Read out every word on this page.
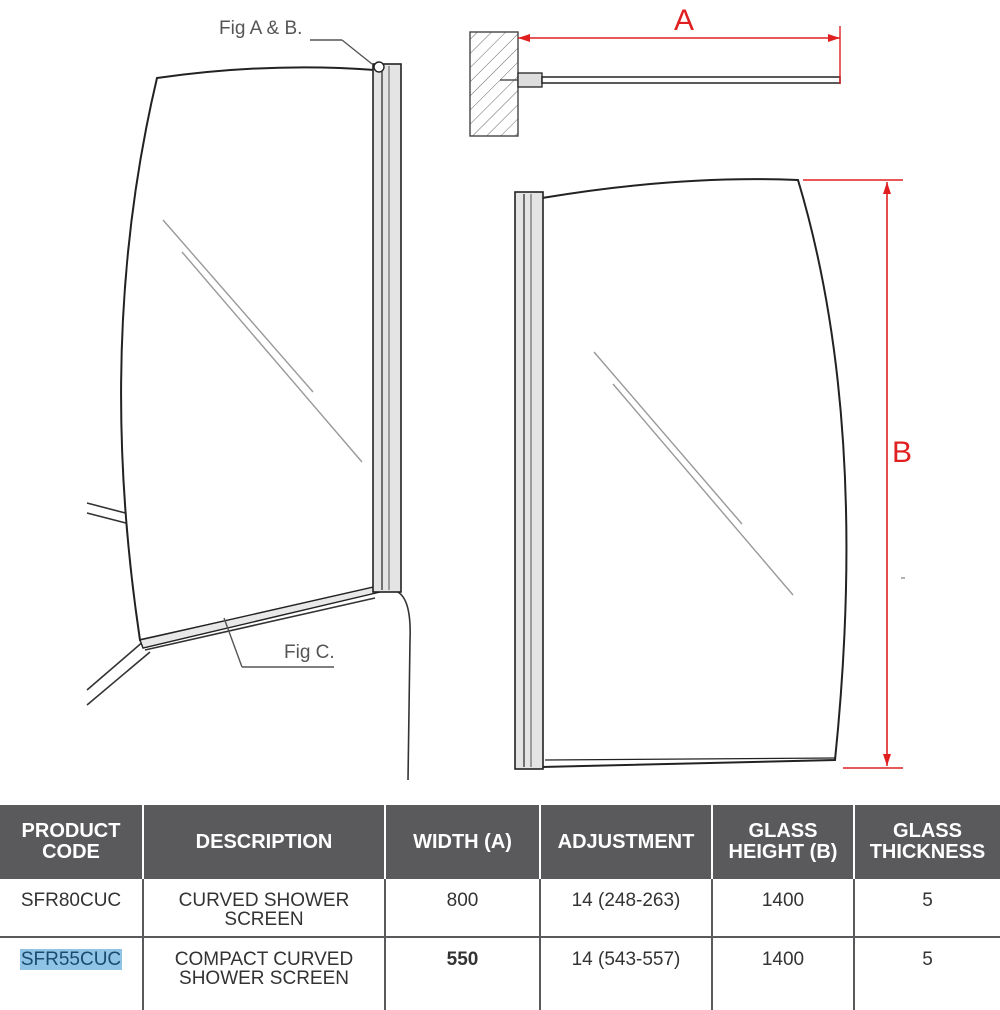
Fig A & B.
Fig C.
A
B
PRODUCT CODE	DESCRIPTION	WIDTH (A)	ADJUSTMENT	GLASS HEIGHT (B)	GLASS THICKNESS
SFR80CUC	CURVED SHOWER SCREEN	800	14 (248-263)	1400	5
SFR55CUC	COMPACT CURVED SHOWER SCREEN	550	14 (543-557)	1400	5
